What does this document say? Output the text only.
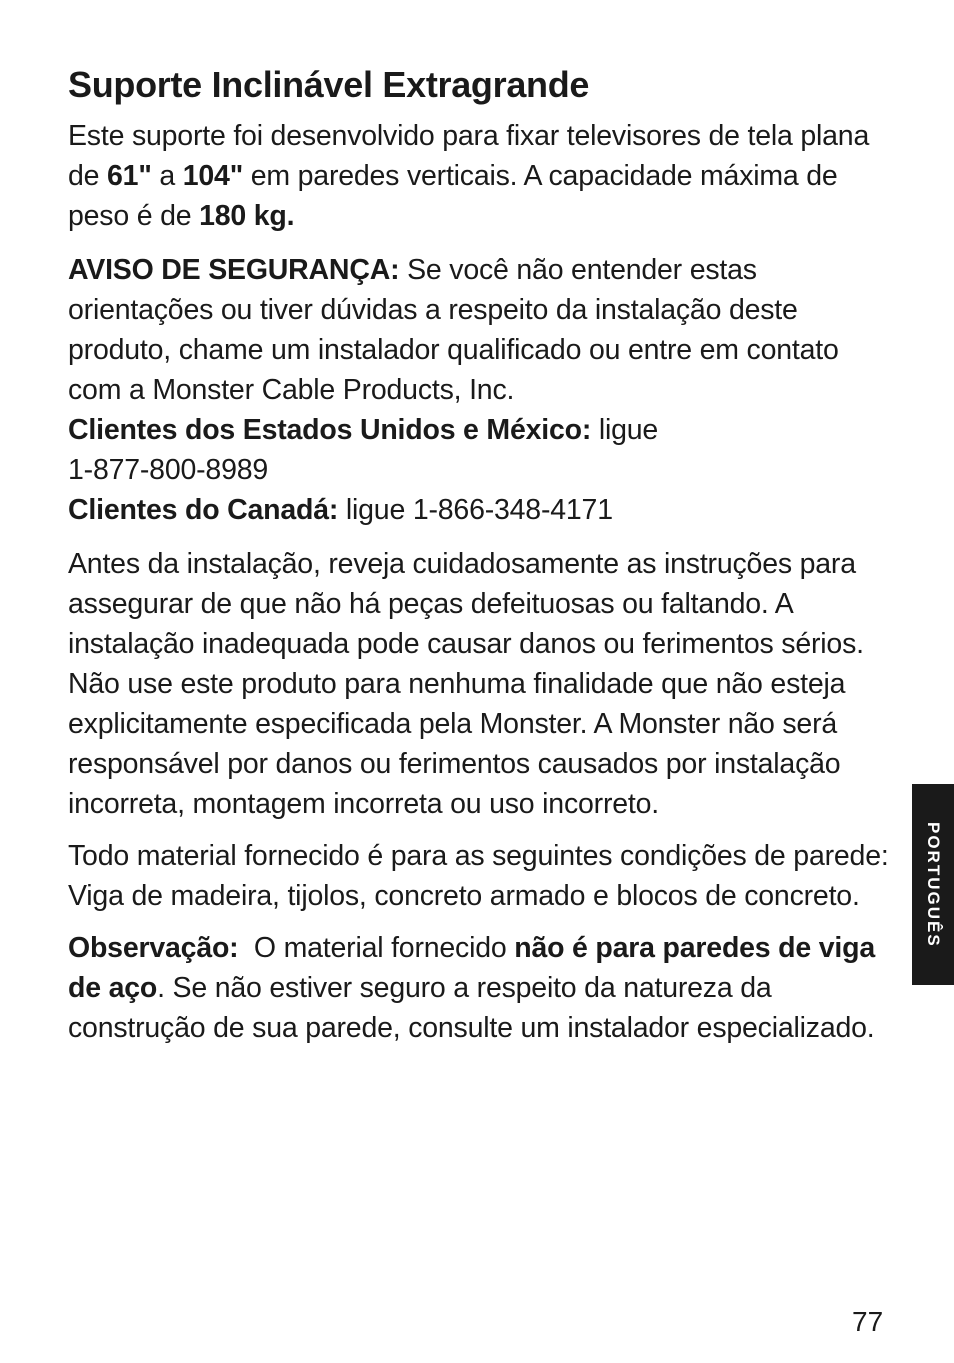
Suporte Inclinável Extragrande

Este suporte foi desenvolvido para fixar televisores de tela plana de 61" a 104" em paredes verticais. A capacidade máxima de peso é de 180 kg.

AVISO DE SEGURANÇA: Se você não entender estas orientações ou tiver dúvidas a respeito da instalação deste produto, chame um instalador qualificado ou entre em contato com a Monster Cable Products, Inc.

Clientes dos Estados Unidos e México: ligue
1-877-800-8989

Clientes do Canadá: ligue 1-866-348-4171

Antes da instalação, reveja cuidadosamente as instruções para assegurar de que não há peças defeituosas ou faltando. A instalação inadequada pode causar danos ou ferimentos sérios. Não use este produto para nenhuma finalidade que não esteja explicitamente especificada pela Monster. A Monster não será responsável por danos ou ferimentos causados por instalação incorreta, montagem incorreta ou uso incorreto.

Todo material fornecido é para as seguintes condições de parede: Viga de madeira, tijolos, concreto armado e blocos de concreto.

Observação:  O material fornecido não é para paredes de viga de aço. Se não estiver seguro a respeito da natureza da construção de sua parede, consulte um instalador especializado.

PORTUGUÊS
77
